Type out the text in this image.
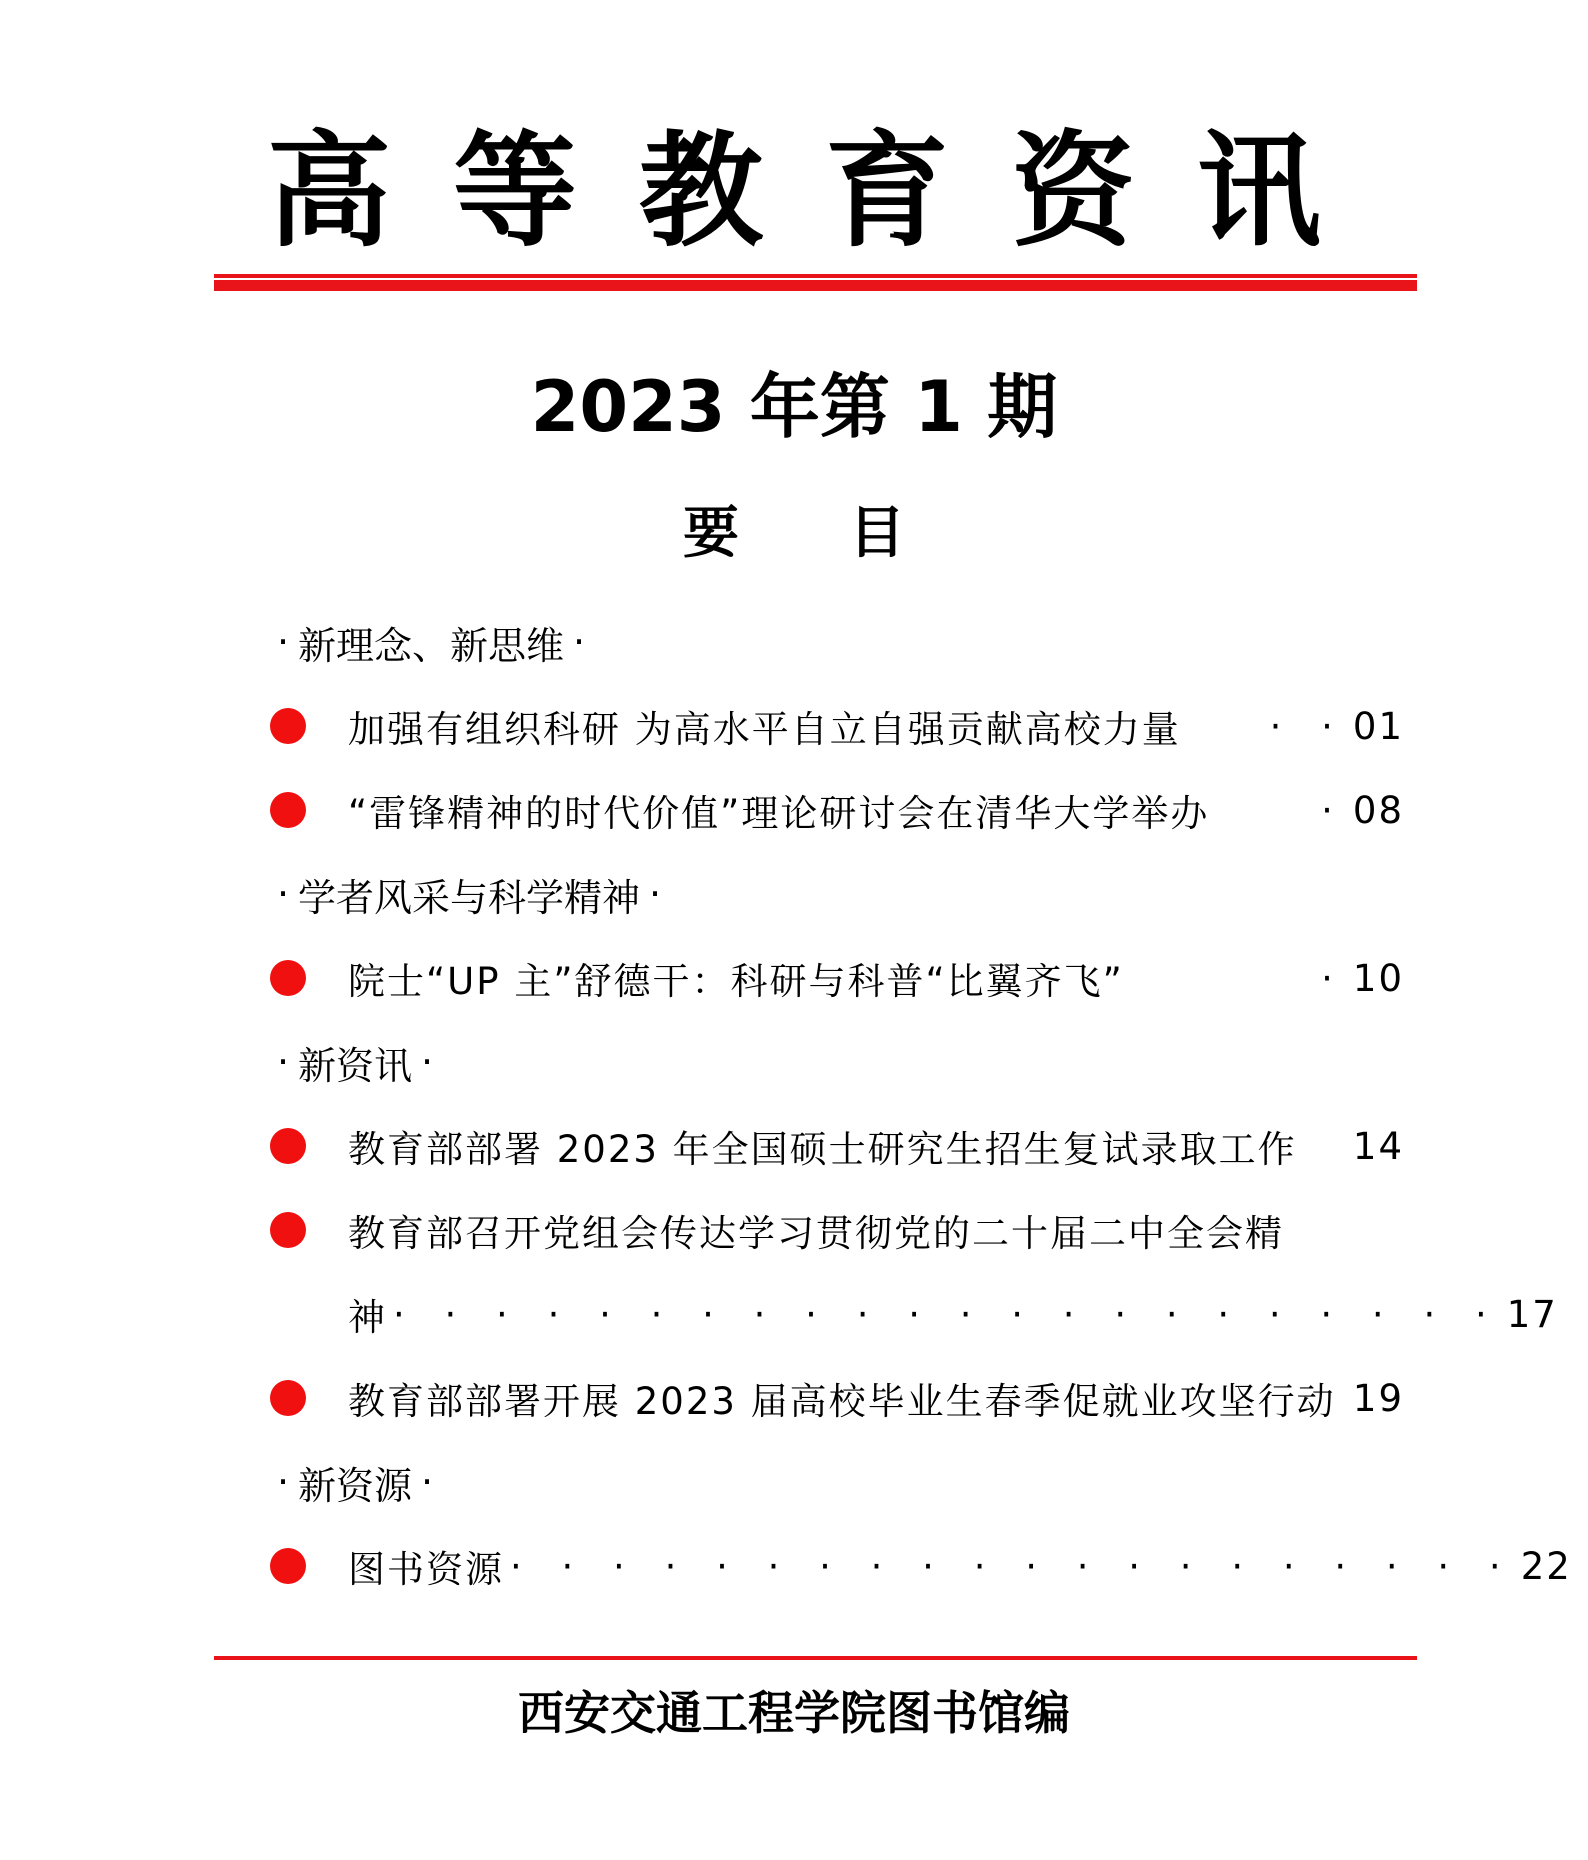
高等教育资讯
2023 年第 1 期
要 目
· 新理念、新思维 ·
加强有组织科研 为高水平自立自强贡献高校力量	· · 01
“雷锋精神的时代价值”理论研讨会在清华大学举办	· 08
· 学者风采与科学精神 ·
院士“UP 主”舒德干：科研与科普“比翼齐飞”	· 10
· 新资讯 ·
教育部部署 2023 年全国硕士研究生招生复试录取工作 14
教育部召开党组会传达学习贯彻党的二十届二中全会精
神 · · · · · · · · · · · · · · · · · · · · · · 17
教育部部署开展 2023 届高校毕业生春季促就业攻坚行动 19
· 新资源 ·
图书资源 · · · · · · · · · · · · · · · · · · · · 22
西安交通工程学院图书馆编
